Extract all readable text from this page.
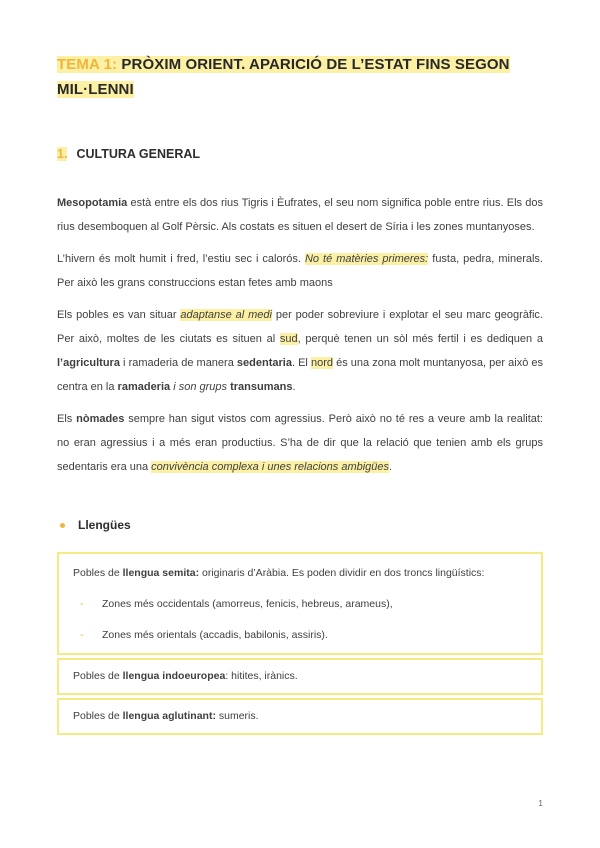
TEMA 1: PRÒXIM ORIENT. APARICIÓ DE L’ESTAT FINS SEGON MIL·LENNI
1. CULTURA GENERAL

Mesopotamia està entre els dos rius Tigris i Èufrates, el seu nom significa poble entre rius. Els dos rius desemboquen al Golf Pèrsic. Als costats es situen el desert de Síria i les zones muntanyoses.

L’hivern és molt humit i fred, l’estiu sec i calorós. No té matèries primeres: fusta, pedra, minerals. Per això les grans construccions estan fetes amb maons

Els pobles es van situar adaptanse al medi per poder sobreviure i explotar el seu marc geogràfic. Per això, moltes de les ciutats es situen al sud, perquè tenen un sòl més fertil i es dediquen a l’agricultura i ramaderia de manera sedentaria. El nord és una zona molt muntanyosa, per això es centra en la ramaderia i son grups transumans.

Els nòmades sempre han sigut vistos com agressius. Però això no té res a veure amb la realitat: no eran agressius i a més eran productius. S’ha de dir que la relació que tenien amb els grups sedentaris era una convivència complexa i unes relacions ambigües.

Llengües

Pobles de llengua semita: originaris d’Aràbia. Es poden dividir en dos troncs lingüístics:

-	Zones més occidentals (amorreus, fenicis, hebreus, arameus),
-	Zones més orientals (accadis, babilonis, assiris).

Pobles de llengua indoeuropea: hitites, irànics.

Pobles de llengua aglutinant: sumeris.

1
